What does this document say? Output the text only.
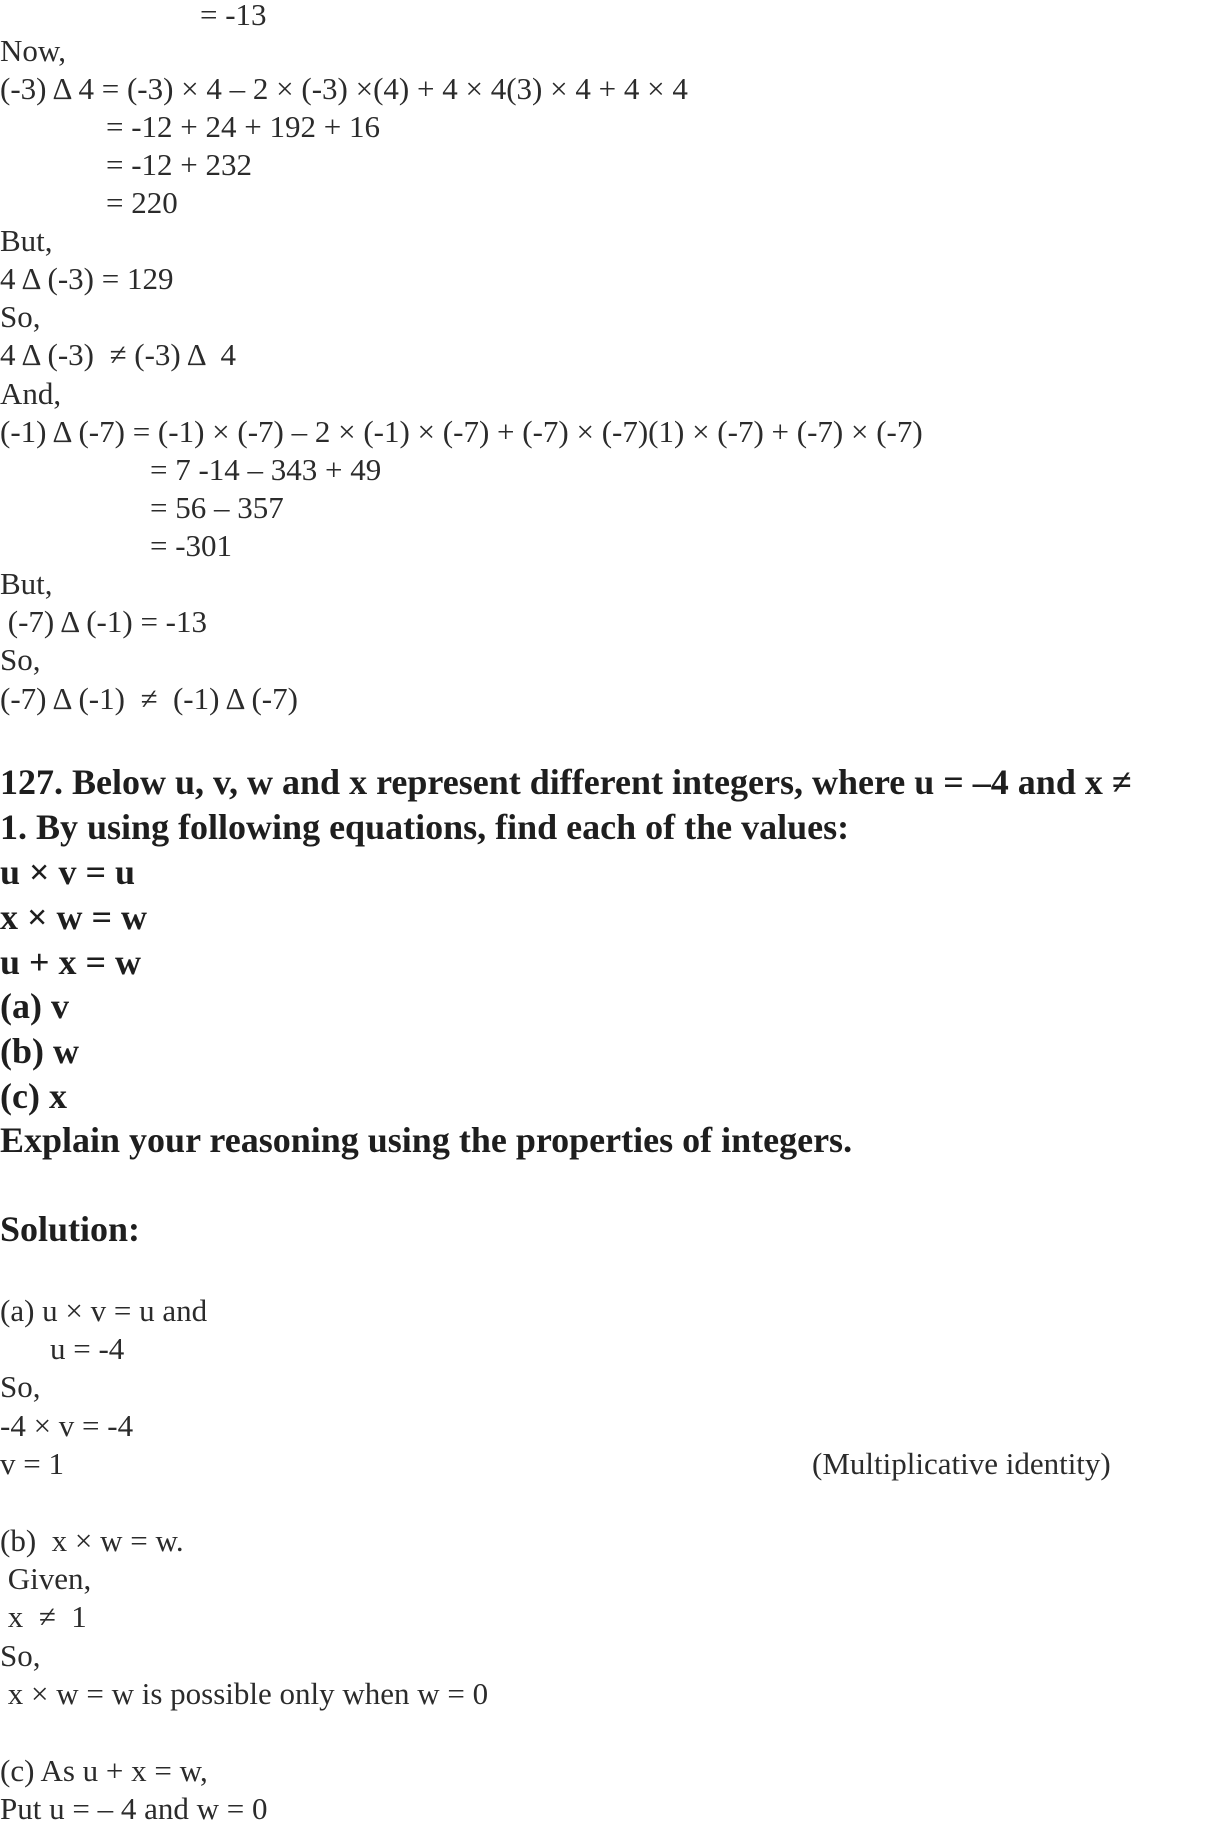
= -13
Now,
(-3) Δ 4 = (-3) × 4 – 2 × (-3) ×(4) + 4 × 4(3) × 4 + 4 × 4
= -12 + 24 + 192 + 16
= -12 + 232
= 220
But,
4 Δ (-3) = 129
So,
4 Δ (-3)  ≠ (-3) Δ  4
And,
(-1) Δ (-7) = (-1) × (-7) – 2 × (-1) × (-7) + (-7) × (-7)(1) × (-7) + (-7) × (-7)
= 7 -14 – 343 + 49
= 56 – 357
= -301
But,
(-7) Δ (-1) = -13
So,
(-7) Δ (-1)  ≠  (-1) Δ (-7)
127. Below u, v, w and x represent different integers, where u = –4 and x ≠
1. By using following equations, find each of the values:
u × v = u
x × w = w
u + x = w
(a) v
(b) w
(c) x
Explain your reasoning using the properties of integers.
Solution:
(a) u × v = u and
u = -4
So,
-4 × v = -4
v = 1	(Multiplicative identity)
(b)  x × w = w.
Given,
x  ≠  1
So,
x × w = w is possible only when w = 0
(c) As u + x = w,
Put u = – 4 and w = 0
